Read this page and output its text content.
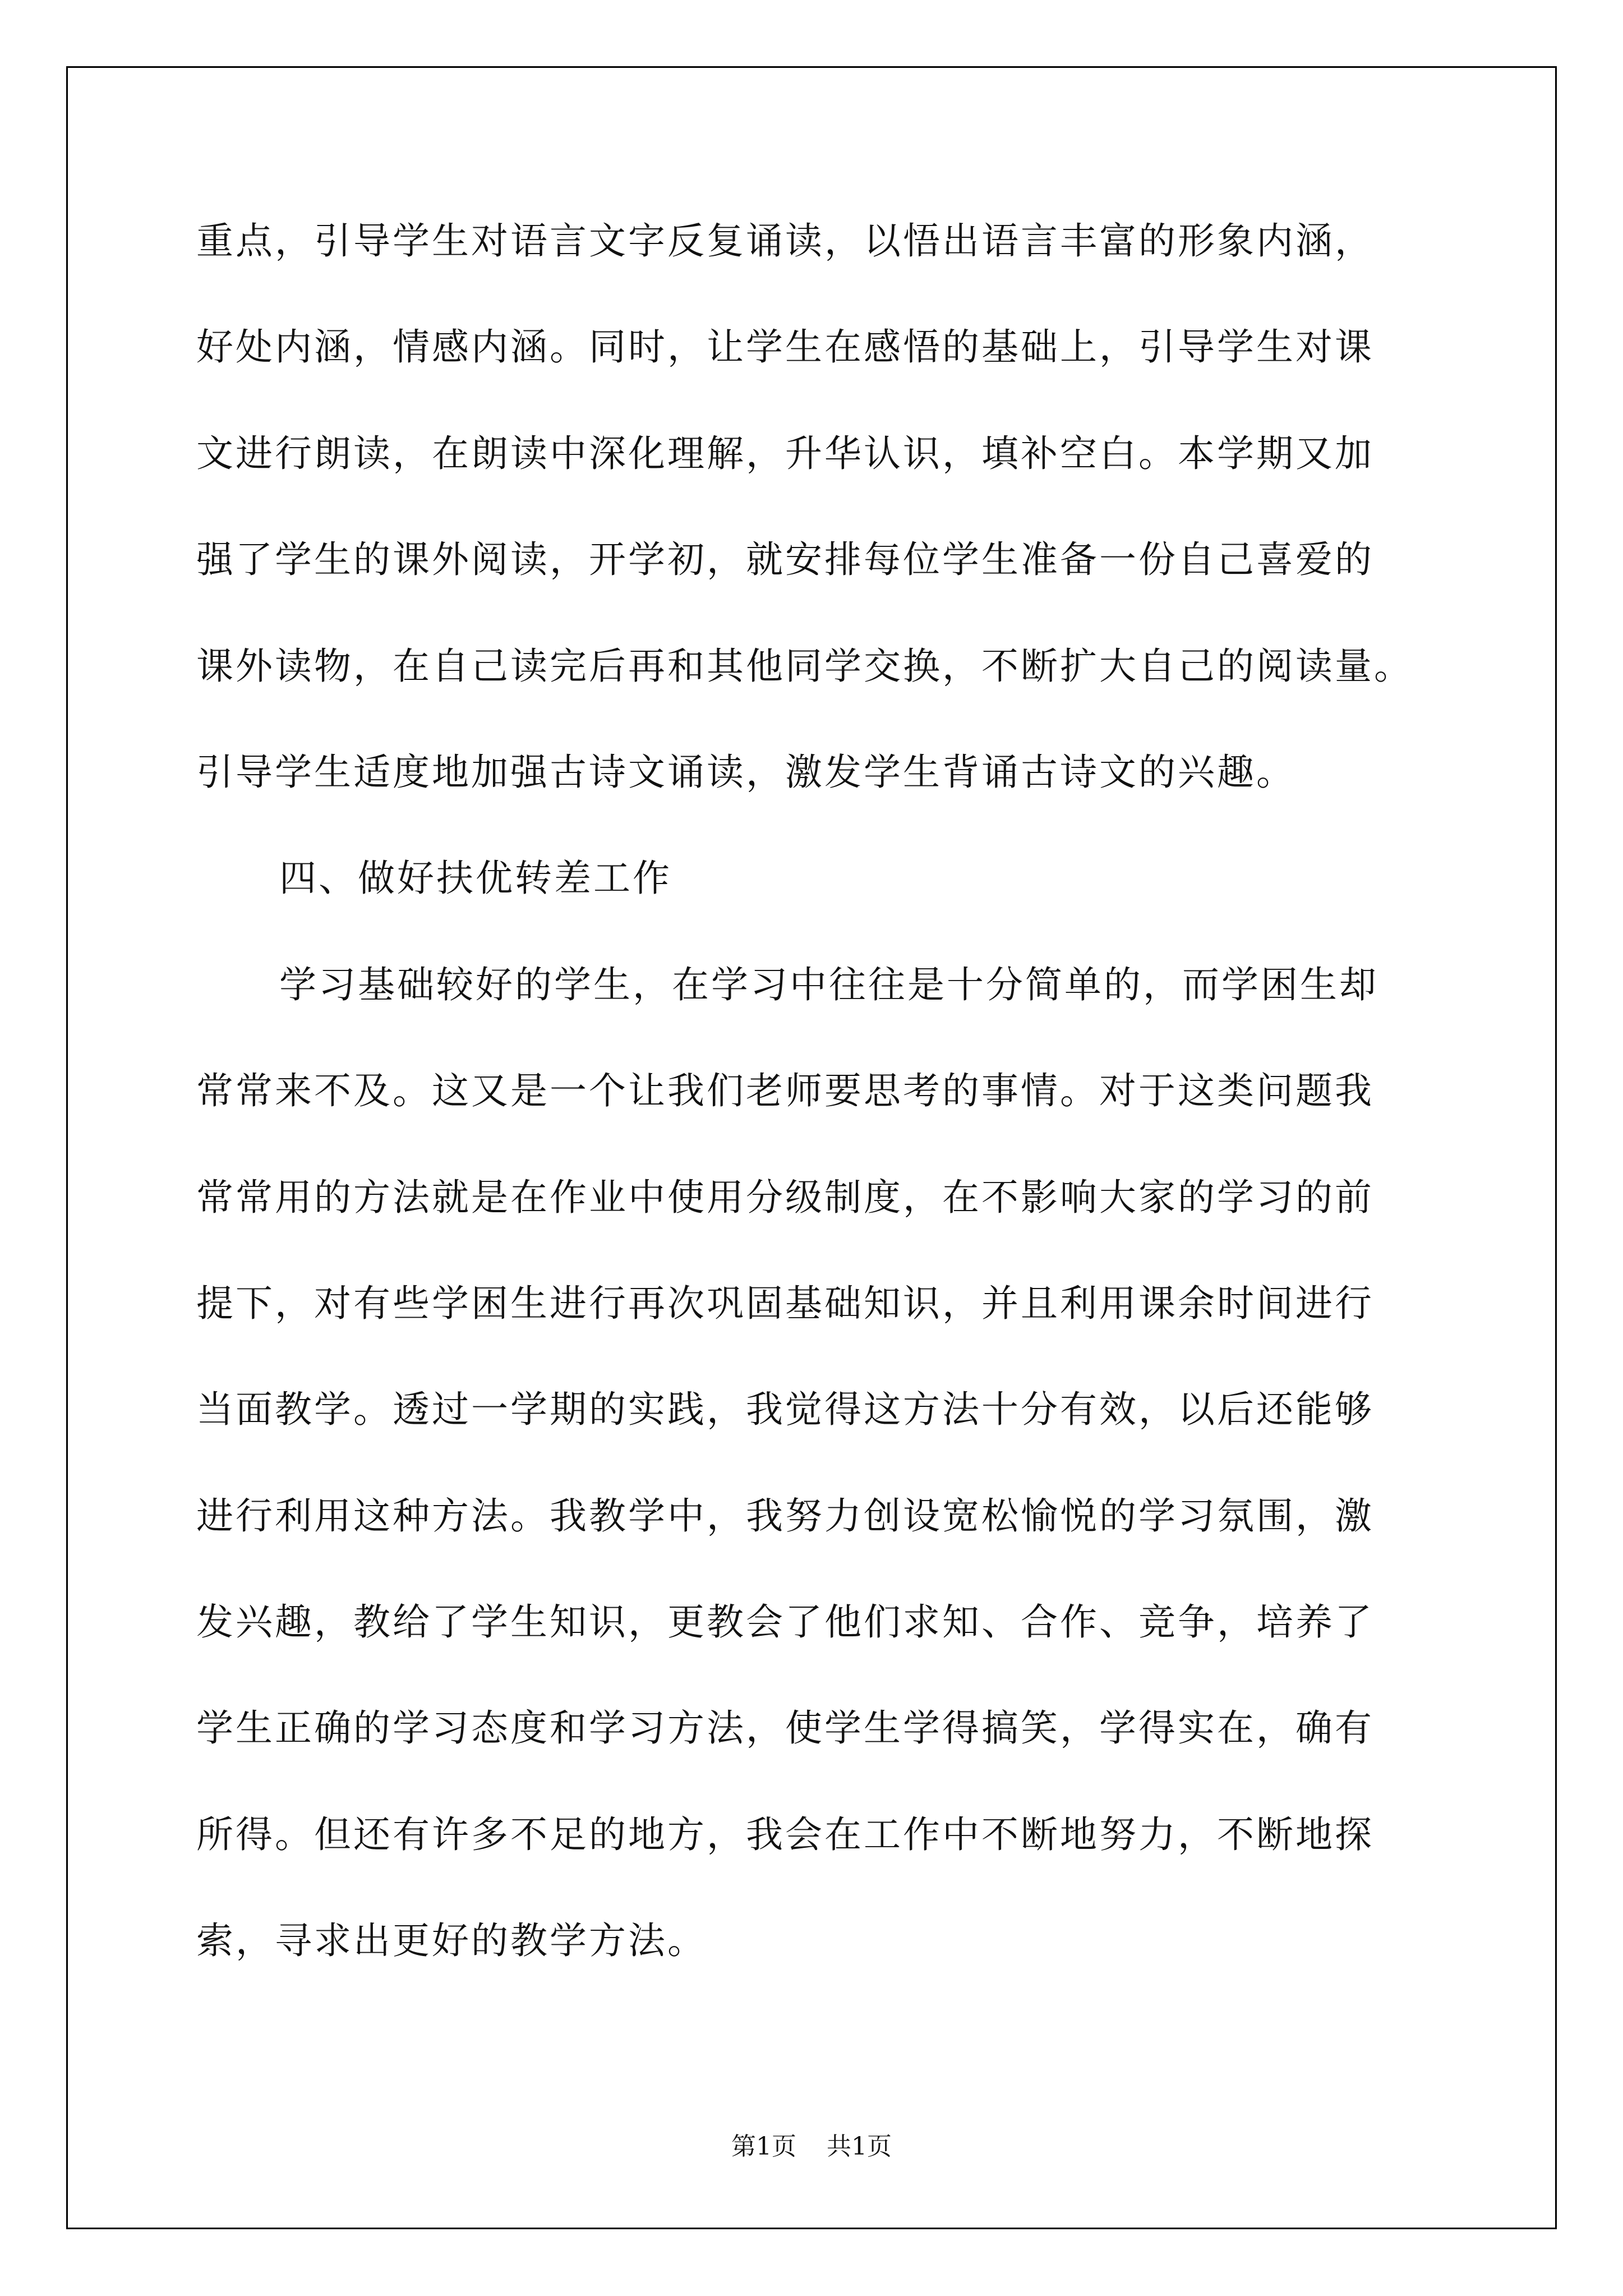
重点，引导学生对语言文字反复诵读，以悟出语言丰富的形象内涵，
好处内涵，情感内涵。同时，让学生在感悟的基础上，引导学生对课
文进行朗读，在朗读中深化理解，升华认识，填补空白。本学期又加
强了学生的课外阅读，开学初，就安排每位学生准备一份自己喜爱的
课外读物，在自己读完后再和其他同学交换，不断扩大自己的阅读量。
引导学生适度地加强古诗文诵读，激发学生背诵古诗文的兴趣。
四、做好扶优转差工作
学习基础较好的学生，在学习中往往是十分简单的，而学困生却
常常来不及。这又是一个让我们老师要思考的事情。对于这类问题我
常常用的方法就是在作业中使用分级制度，在不影响大家的学习的前
提下，对有些学困生进行再次巩固基础知识，并且利用课余时间进行
当面教学。透过一学期的实践，我觉得这方法十分有效，以后还能够
进行利用这种方法。我教学中，我努力创设宽松愉悦的学习氛围，激
发兴趣，教给了学生知识，更教会了他们求知、合作、竞争，培养了
学生正确的学习态度和学习方法，使学生学得搞笑，学得实在，确有
所得。但还有许多不足的地方，我会在工作中不断地努力，不断地探
索，寻求出更好的教学方法。
第1页 共1页
